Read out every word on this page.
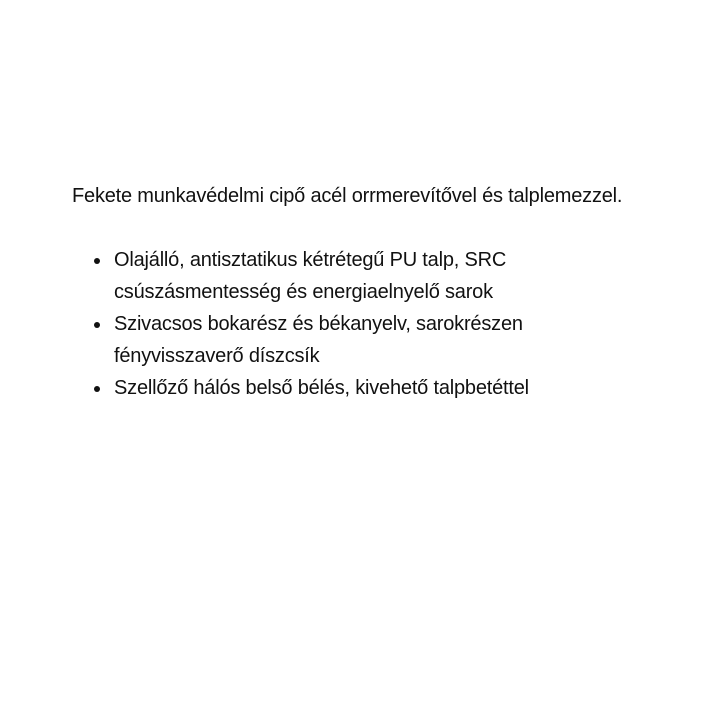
Fekete munkavédelmi cipő acél orrmerevítővel és talplemezzel.

• Olajálló, antisztatikus kétrétegű PU talp, SRC csúszásmentesség és energiaelnyelő sarok
• Szivacsos bokarész és békanyelv, sarokrészen fényvisszaverő díszcsík
• Szellőző hálós belső bélés, kivehető talpbetéttel
